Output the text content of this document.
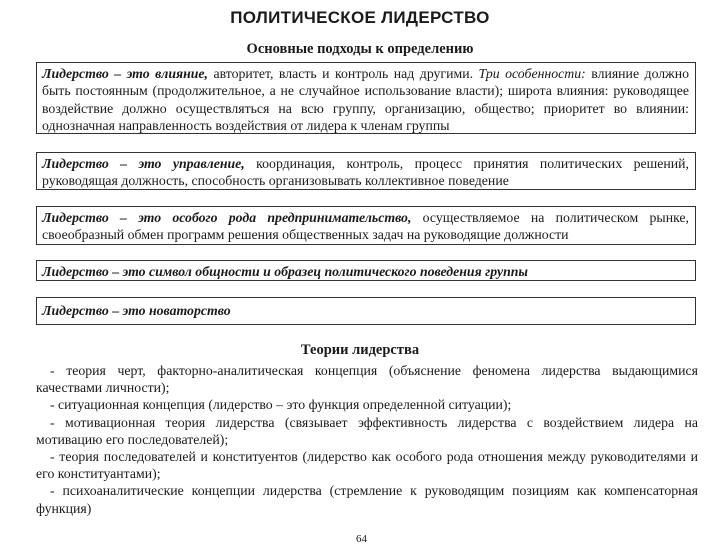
ПОЛИТИЧЕСКОЕ ЛИДЕРСТВО
Основные подходы к определению
Лидерство – это влияние, авторитет, власть и контроль над другими. Три особенности: влияние должно быть постоянным (продолжительное, а не случайное использование власти); широта влияния: руководящее воздействие должно осуществляться на всю группу, организацию, общество; приоритет во влиянии: однозначная направленность воздействия от лидера к членам группы
Лидерство – это управление, координация, контроль, процесс принятия политических решений, руководящая должность, способность организовывать коллективное поведение
Лидерство – это особого рода предпринимательство, осуществляемое на политическом рынке, своеобразный обмен программ решения общественных задач на руководящие должности
Лидерство – это символ общности и образец политического поведения группы
Лидерство – это новаторство
Теории лидерства
- теория черт, факторно-аналитическая концепция (объяснение феномена лидерства выдающимися качествами личности);
- ситуационная концепция (лидерство – это функция определенной ситуации);
- мотивационная теория лидерства (связывает эффективность лидерства с воздействием лидера на мотивацию его последователей);
- теория последователей и конституентов (лидерство как особого рода отношения между руководителями и его конституантами);
- психоаналитические концепции лидерства (стремление к руководящим позициям как компенсаторная функция)
64
